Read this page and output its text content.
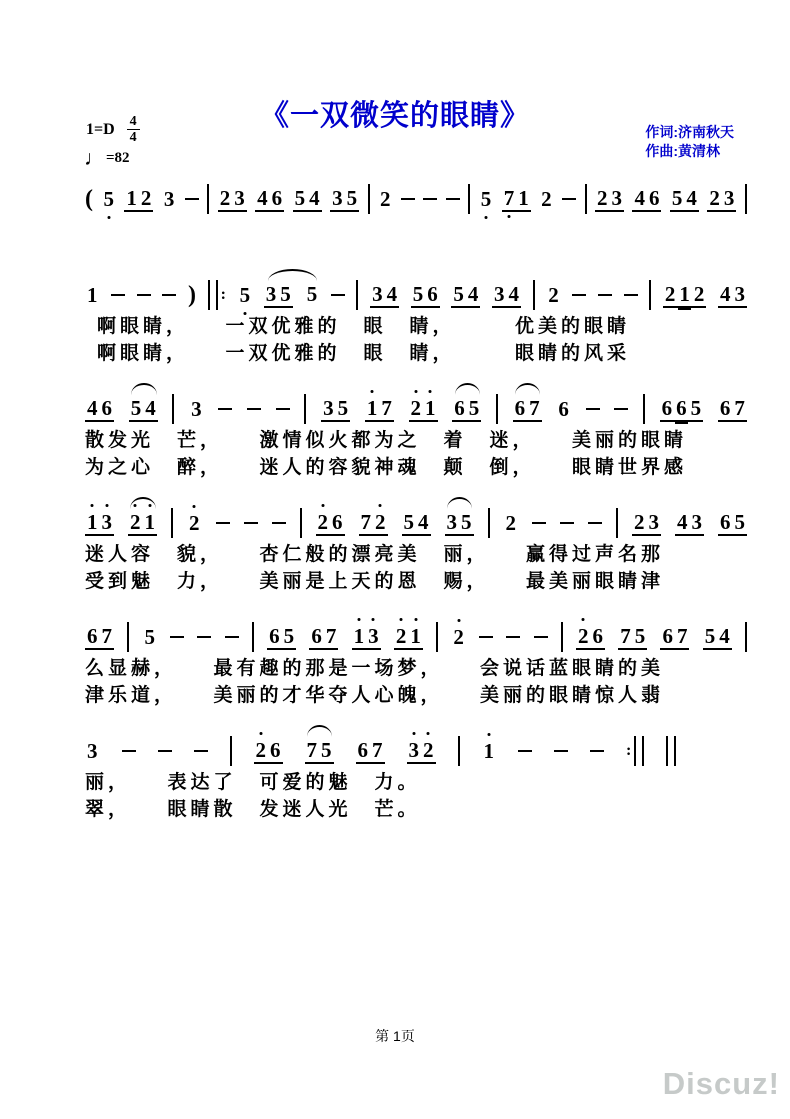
《一双微笑的眼睛》	作词:济南秋天
作曲:黄清林
$1=D \frac{4}{4}$
♩ =82
( 5 1 2 3 2 3 4 6 5 4 3 5 2	5 7 1 2 2 3 4 6 5 4 2 3
1	) : 5 3 5 5	3 4 5 6 5 4 3 4 2	2 1 2 4 3
啊眼睛，　　一双优雅的　眼　睛，　　　优美的眼睛
啊眼睛，　　一双优雅的　眼　睛，　　　眼睛的风采
4 6 5 4 3	3 5 1 7 2 1 6 5 6 7 6	6 6 5 6 7
散发光　芒，　　激情似火都为之　着　迷，　　美丽的眼睛
为之心　醉，　　迷人的容貌神魂　颠　倒，　　眼睛世界感
1 3 2 1 2	2 6 7 2 5 4 3 5 2	2 3 4 3 6 5
迷人容　貌，　　杏仁般的漂亮美　丽，　　赢得过声名那
受到魅　力，　　美丽是上天的恩　赐，　　最美丽眼睛津
6 7 5	6 5 6 7 1 3 2 1 2	2 6 7 5 6 7 5 4
么显赫，　　最有趣的那是一场梦，　　会说话蓝眼睛的美
津乐道，　　美丽的才华夺人心魄，　　美丽的眼睛惊人翡
3	2 6 7 5 6 7 3 2 1	:
丽，　　表达了　可爱的魅　力。
翠，　　眼睛散　发迷人光　芒。
第 1页
Discuz!
